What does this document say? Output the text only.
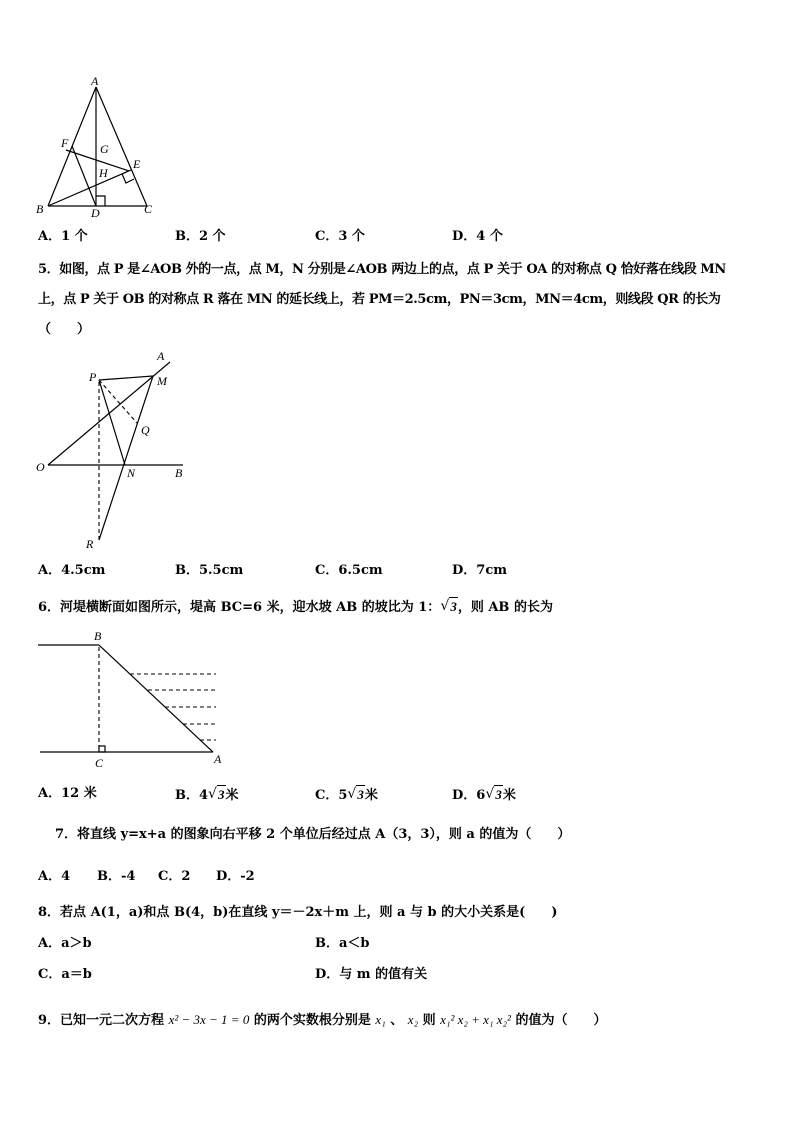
A
F	G
E
H
B	D	C
A．1 个	B．2 个	C．3 个	D．4 个
5．如图，点 P 是∠AOB 外的一点，点 M，N 分别是∠AOB 两边上的点，点 P 关于 OA 的对称点 Q 恰好落在线段 MN
上，点 P 关于 OB 的对称点 R 落在 MN 的延长线上，若 PM＝2.5cm，PN＝3cm，MN＝4cm，则线段 QR 的长为
（　　）
A
M
P
Q
O	N	B
R
A．4.5cm	B．5.5cm	C．6.5cm	D．7cm
6．河堤横断面如图所示，堤高 BC=6 米，迎水坡 AB 的坡比为 1： √ 3，则 AB 的长为
B
C	A
A．12 米	B．4 √ 3米	C．5 √ 3米	D．6 √ 3米
7．将直线 y=x+a 的图象向右平移 2 个单位后经过点 A（3，3），则 a 的值为（　　）
A．4 B．-4 C．2 D．-2
8．若点 A(1，a)和点 B(4，b)在直线 y＝－2x＋m 上，则 a 与 b 的大小关系是(　　)
A．a＞b	B．a＜b
C．a＝b	D．与 m 的值有关
9．已知一元二次方程 x² − 3x − 1 = 0 的两个实数根分别是 x₁ 、 x₂ 则 x₁² x₂ + x₁ x₂² 的值为（　　）
